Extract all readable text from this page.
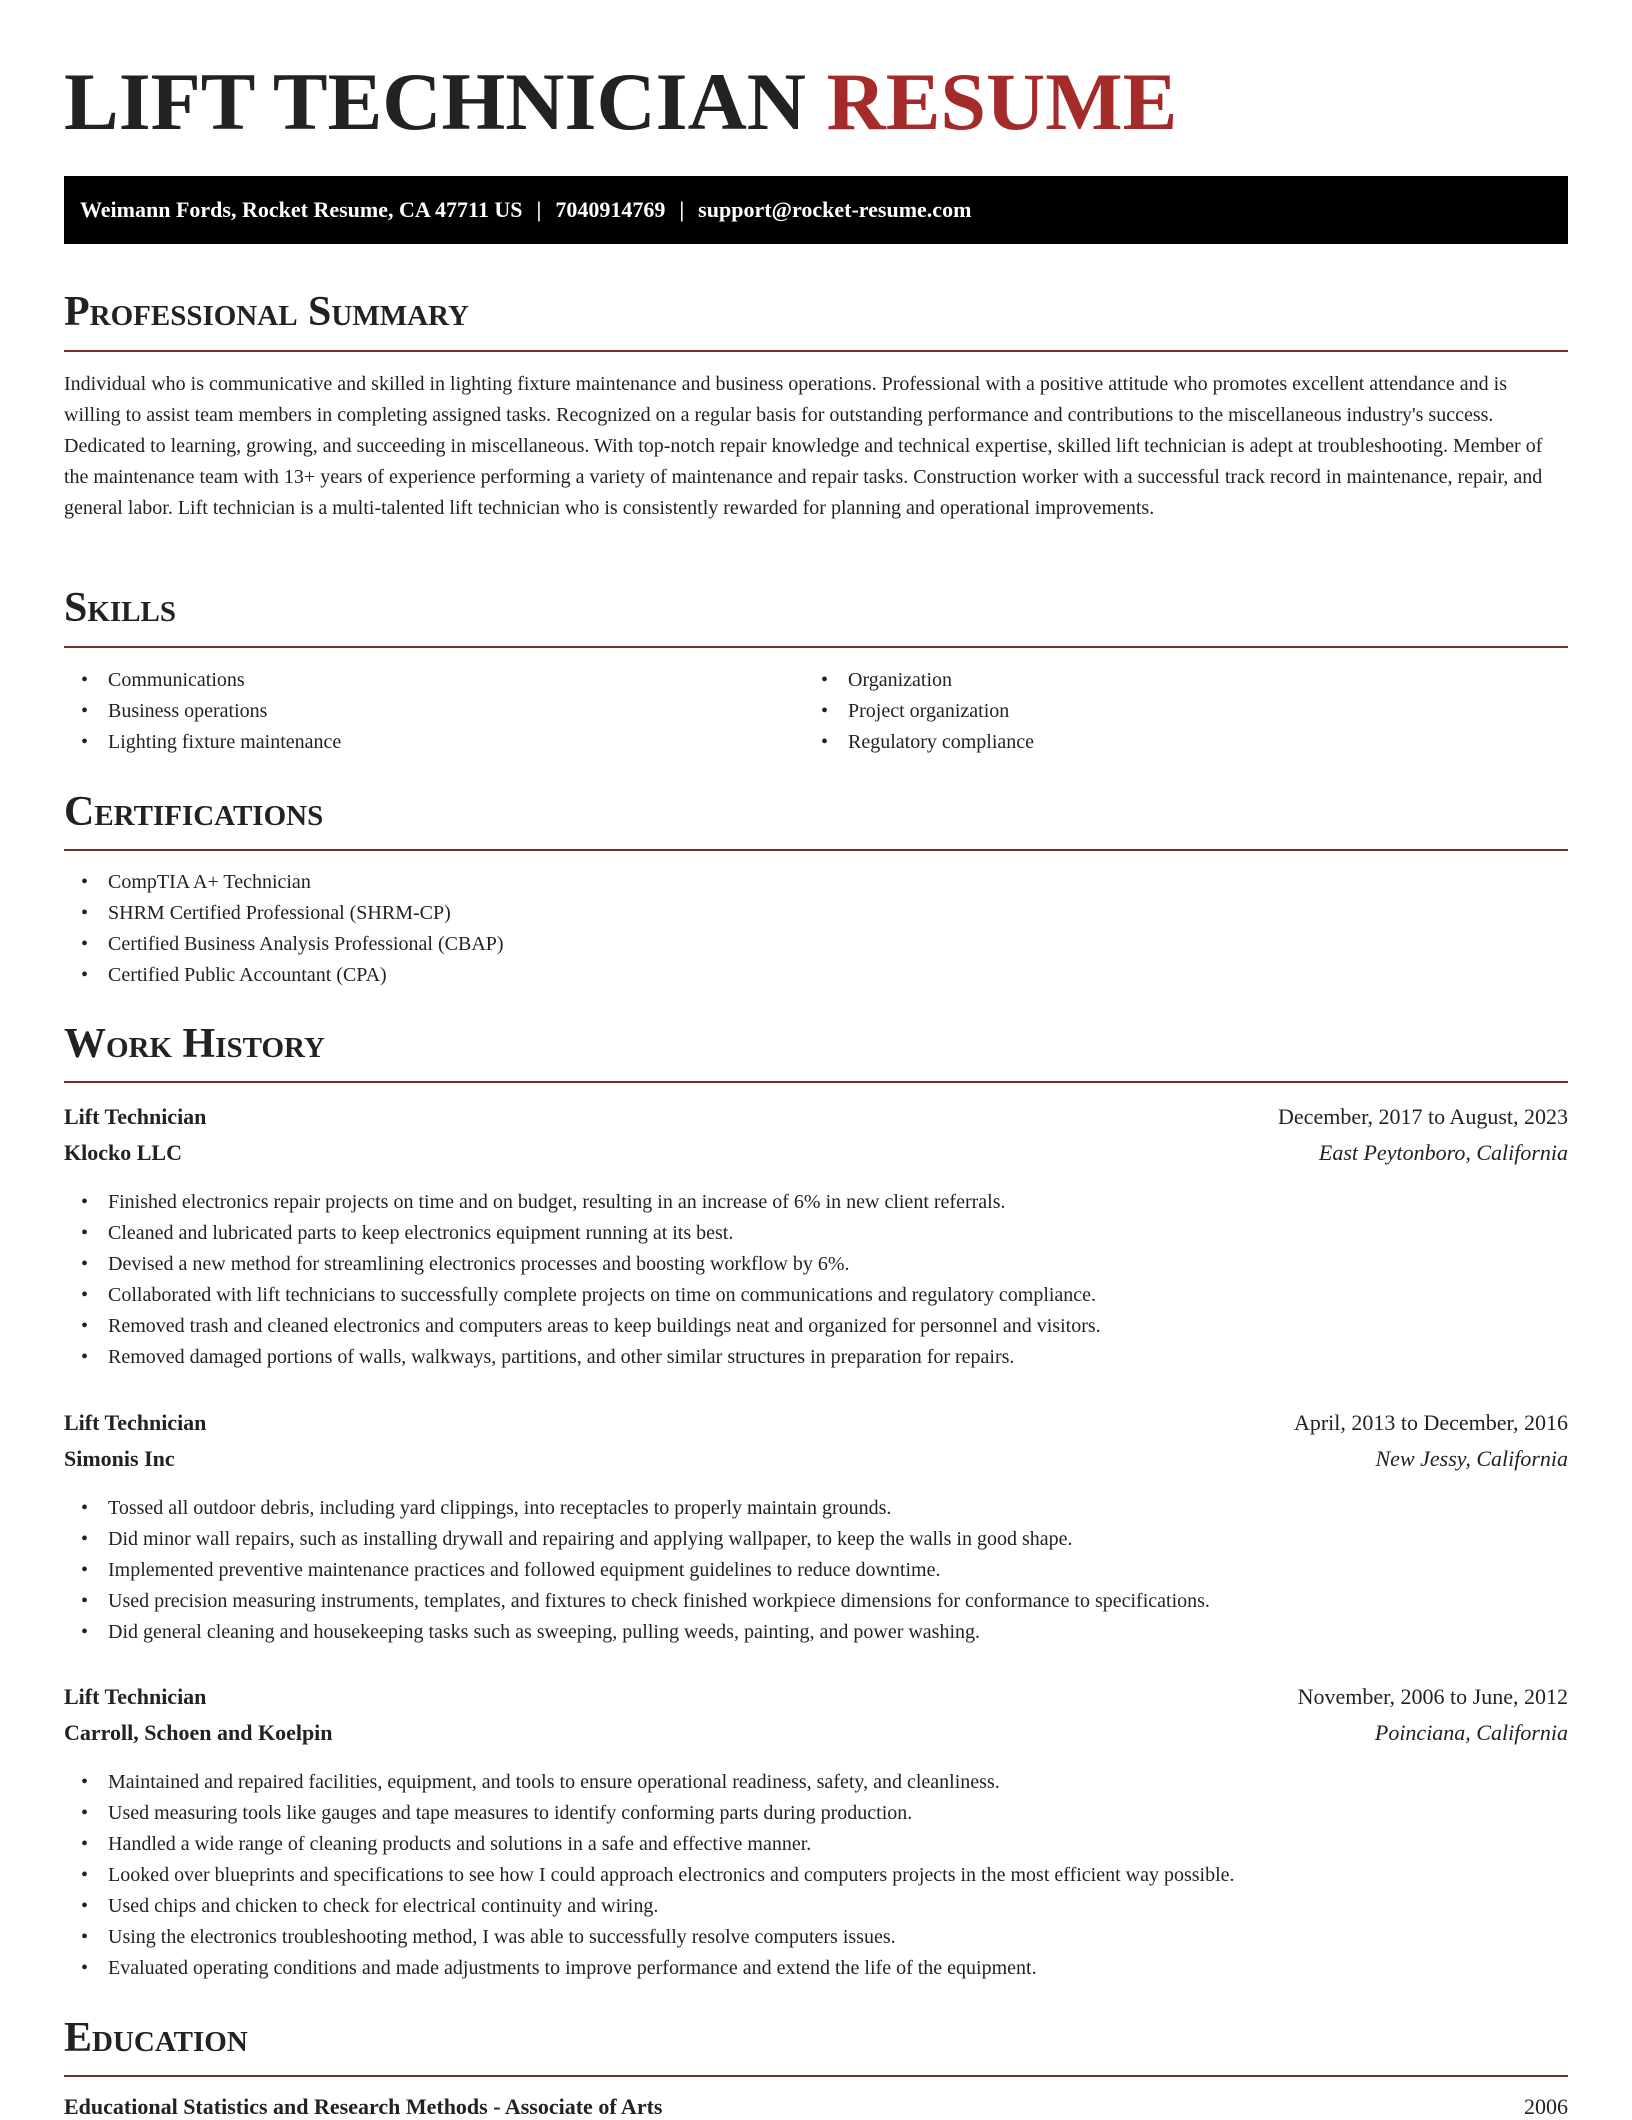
LIFT TECHNICIAN RESUME
Weimann Fords, Rocket Resume, CA 47711 US | 7040914769 | support@rocket-resume.com
Professional Summary

Individual who is communicative and skilled in lighting fixture maintenance and business operations. Professional with a positive attitude who promotes excellent attendance and is willing to assist team members in completing assigned tasks. Recognized on a regular basis for outstanding performance and contributions to the miscellaneous industry's success. Dedicated to learning, growing, and succeeding in miscellaneous. With top-notch repair knowledge and technical expertise, skilled lift technician is adept at troubleshooting. Member of the maintenance team with 13+ years of experience performing a variety of maintenance and repair tasks. Construction worker with a successful track record in maintenance, repair, and general labor. Lift technician is a multi-talented lift technician who is consistently rewarded for planning and operational improvements.

Skills
• Communications
• Business operations
• Lighting fixture maintenance
• Organization
• Project organization
• Regulatory compliance
Certifications
• CompTIA A+ Technician
• SHRM Certified Professional (SHRM-CP)
• Certified Business Analysis Professional (CBAP)
• Certified Public Accountant (CPA)
Work History
Lift Technician	December, 2017 to August, 2023
Klocko LLC	East Peytonboro, California
• Finished electronics repair projects on time and on budget, resulting in an increase of 6% in new client referrals.
• Cleaned and lubricated parts to keep electronics equipment running at its best.
• Devised a new method for streamlining electronics processes and boosting workflow by 6%.
• Collaborated with lift technicians to successfully complete projects on time on communications and regulatory compliance.
• Removed trash and cleaned electronics and computers areas to keep buildings neat and organized for personnel and visitors.
• Removed damaged portions of walls, walkways, partitions, and other similar structures in preparation for repairs.
Lift Technician	April, 2013 to December, 2016
Simonis Inc	New Jessy, California
• Tossed all outdoor debris, including yard clippings, into receptacles to properly maintain grounds.
• Did minor wall repairs, such as installing drywall and repairing and applying wallpaper, to keep the walls in good shape.
• Implemented preventive maintenance practices and followed equipment guidelines to reduce downtime.
• Used precision measuring instruments, templates, and fixtures to check finished workpiece dimensions for conformance to specifications.
• Did general cleaning and housekeeping tasks such as sweeping, pulling weeds, painting, and power washing.
Lift Technician	November, 2006 to June, 2012
Carroll, Schoen and Koelpin	Poinciana, California
• Maintained and repaired facilities, equipment, and tools to ensure operational readiness, safety, and cleanliness.
• Used measuring tools like gauges and tape measures to identify conforming parts during production.
• Handled a wide range of cleaning products and solutions in a safe and effective manner.
• Looked over blueprints and specifications to see how I could approach electronics and computers projects in the most efficient way possible.
• Used chips and chicken to check for electrical continuity and wiring.
• Using the electronics troubleshooting method, I was able to successfully resolve computers issues.
• Evaluated operating conditions and made adjustments to improve performance and extend the life of the equipment.
Education
Educational Statistics and Research Methods - Associate of Arts	2006
